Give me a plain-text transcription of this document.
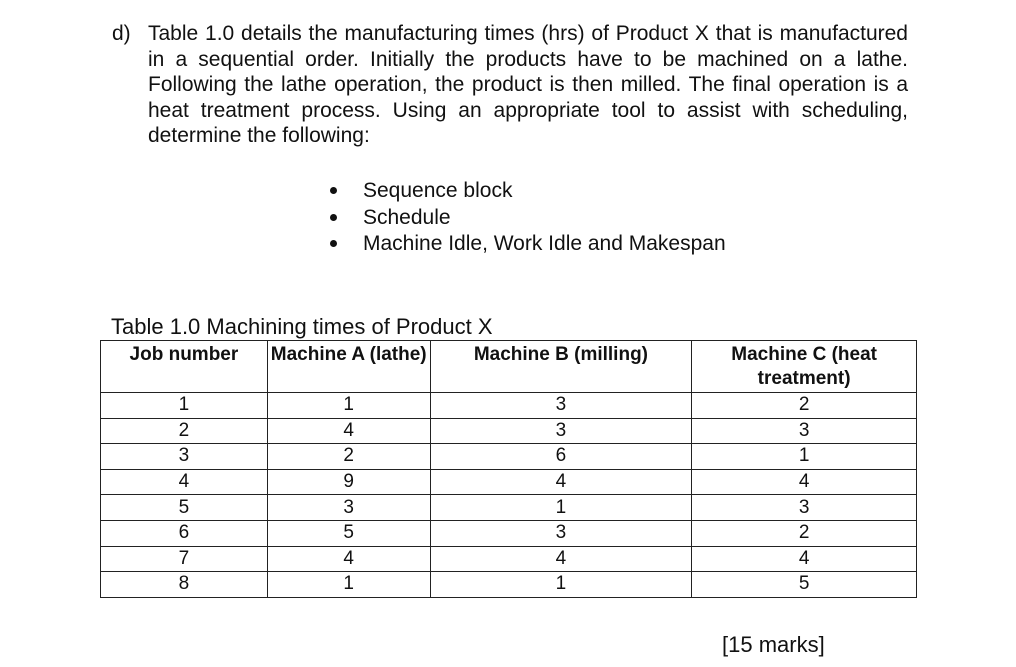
d) Table 1.0 details the manufacturing times (hrs) of Product X that is manufactured in a sequential order. Initially the products have to be machined on a lathe. Following the lathe operation, the product is then milled. The final operation is a heat treatment process. Using an appropriate tool to assist with scheduling, determine the following:
Sequence block
Schedule
Machine Idle, Work Idle and Makespan
Table 1.0 Machining times of Product X
Job number	Machine A (lathe)	Machine B (milling)	Machine C (heat treatment)
1	1	3	2
2	4	3	3
3	2	6	1
4	9	4	4
5	3	1	3
6	5	3	2
7	4	4	4
8	1	1	5
[15 marks]
